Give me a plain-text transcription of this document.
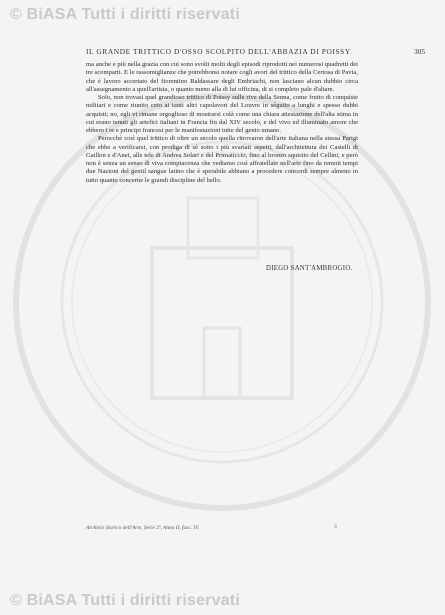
© BiASA Tutti i diritti riservati
© BiASA Tutti i diritti riservati
IL GRANDE TRITTICO D'OSSO SCOLPITO DELL'ABBAZIA DI POISSY	305

ma anche e più nella grazia con cui sono svolti molti degli episodi riprodotti nei numerosi quadretti dei tre scomparti. E le rassomiglianze che potrebbonsi notare cogli avori del trittico della Certosa di Pavia, che è lavoro accertato del fiorentino Baldassare degli Embriachi, non lasciano alcun dubbio circa all'assegnamento a quell'artista, o quanto meno alla di lui officina, di si completo pale d'altare.

Solo, non trovasi quel grandioso trittico di Poissy sulle rive della Senna, come frutto di conquiste militari e come riunito ceto ai tanti altri capolavori del Louvre in séguito a lunghi e spesso dubbi acquisti; no, egli vi rimane orgoglioso di mostrarsi colà come una chiara attestazione dell'alta stima in cui erano tenuti gli artefici italiani in Francia fin dal XIV secolo, e del vivo ed illuminato amore che ebbero i re e principi francesi per le manifestazioni tutte del genio umano.

Perocchè così quel trittico di oltre un secolo quella ritrovaron dell'arte italiana nella stessa Parigi che ebbe a verificarsi, con prodiga di sè sotto i più svariati aspetti, dall'architettura dei Castelli di Gaillon e d'Anet, alle tele di Andrea Solari e del Primaticcio, fino al bronzo squisito del Cellini, e però non è senza un senso di viva compiacenza che vediamo così affratellate nell'arte fino da remoti tempi due Nazioni del gentil sangue latino che è sperabile abbiano a procedere concordi sempre almeno in tutto quanto concerne le grandi discipline del bello.

DIEGO SANT'AMBROGIO.
Archivio Storico dell'Arte, Serie 2ª, Anno II, fasc. IV.	3
